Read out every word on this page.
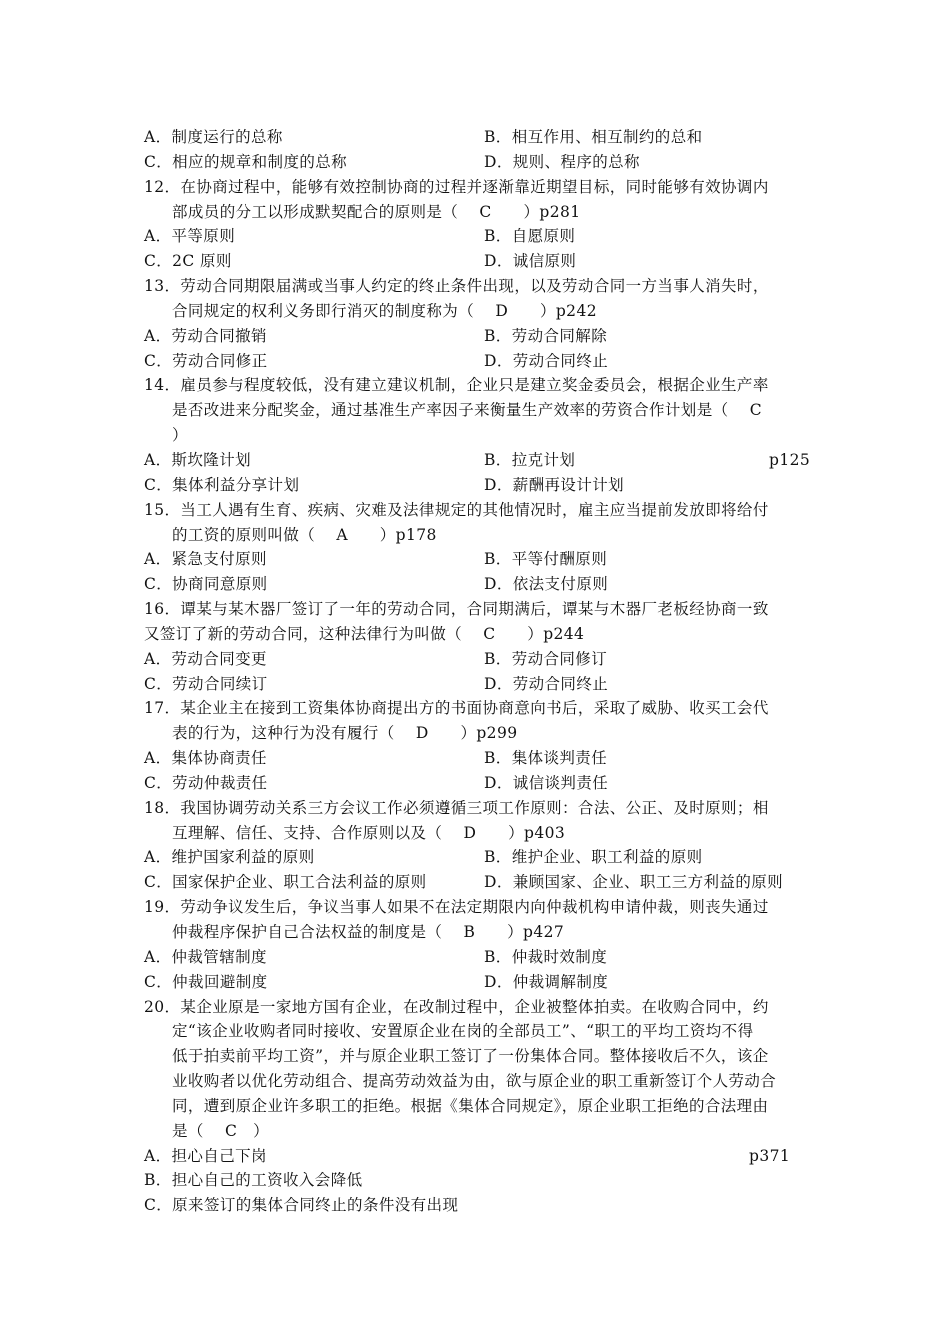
A．制度运行的总称	B．相互作用、相互制约的总和
C．相应的规章和制度的总称	D．规则、程序的总称
12．在协商过程中，能够有效控制协商的过程并逐渐靠近期望目标，同时能够有效协调内
部成员的分工以形成默契配合的原则是（　 C　　）p281
A．平等原则	B．自愿原则
C．2C 原则	D．诚信原则
13．劳动合同期限届满或当事人约定的终止条件出现，以及劳动合同一方当事人消失时，
合同规定的权利义务即行消灭的制度称为（　 D　　）p242
A．劳动合同撤销	B．劳动合同解除
C．劳动合同修正	D．劳动合同终止
14．雇员参与程度较低，没有建立建议机制，企业只是建立奖金委员会，根据企业生产率
是否改进来分配奖金，通过基准生产率因子来衡量生产效率的劳资合作计划是（　 C
）
A．斯坎隆计划	B．拉克计划	p125
C．集体利益分享计划	D．薪酬再设计计划
15．当工人遇有生育、疾病、灾难及法律规定的其他情况时，雇主应当提前发放即将给付
的工资的原则叫做（　 A　　）p178
A．紧急支付原则	B．平等付酬原则
C．协商同意原则	D．依法支付原则
16．谭某与某木器厂签订了一年的劳动合同，合同期满后，谭某与木器厂老板经协商一致
又签订了新的劳动合同，这种法律行为叫做（　 C　　）p244
A．劳动合同变更	B．劳动合同修订
C．劳动合同续订	D．劳动合同终止
17．某企业主在接到工资集体协商提出方的书面协商意向书后，采取了威胁、收买工会代
表的行为，这种行为没有履行（　 D　　）p299
A．集体协商责任	B．集体谈判责任
C．劳动仲裁责任	D．诚信谈判责任
18．我国协调劳动关系三方会议工作必须遵循三项工作原则：合法、公正、及时原则；相
互理解、信任、支持、合作原则以及（　 D　　）p403
A．维护国家利益的原则	B．维护企业、职工利益的原则
C．国家保护企业、职工合法利益的原则	D．兼顾国家、企业、职工三方利益的原则
19．劳动争议发生后，争议当事人如果不在法定期限内向仲裁机构申请仲裁，则丧失通过
仲裁程序保护自己合法权益的制度是（　 B　　）p427
A．仲裁管辖制度	B．仲裁时效制度
C．仲裁回避制度	D．仲裁调解制度
20．某企业原是一家地方国有企业，在改制过程中，企业被整体拍卖。在收购合同中，约
定“该企业收购者同时接收、安置原企业在岗的全部员工”、“职工的平均工资均不得
低于拍卖前平均工资”，并与原企业职工签订了一份集体合同。整体接收后不久，该企
业收购者以优化劳动组合、提高劳动效益为由，欲与原企业的职工重新签订个人劳动合
同，遭到原企业许多职工的拒绝。根据《集体合同规定》，原企业职工拒绝的合法理由
是（　 C　）
A．担心自己下岗	p371
B．担心自己的工资收入会降低
C．原来签订的集体合同终止的条件没有出现
